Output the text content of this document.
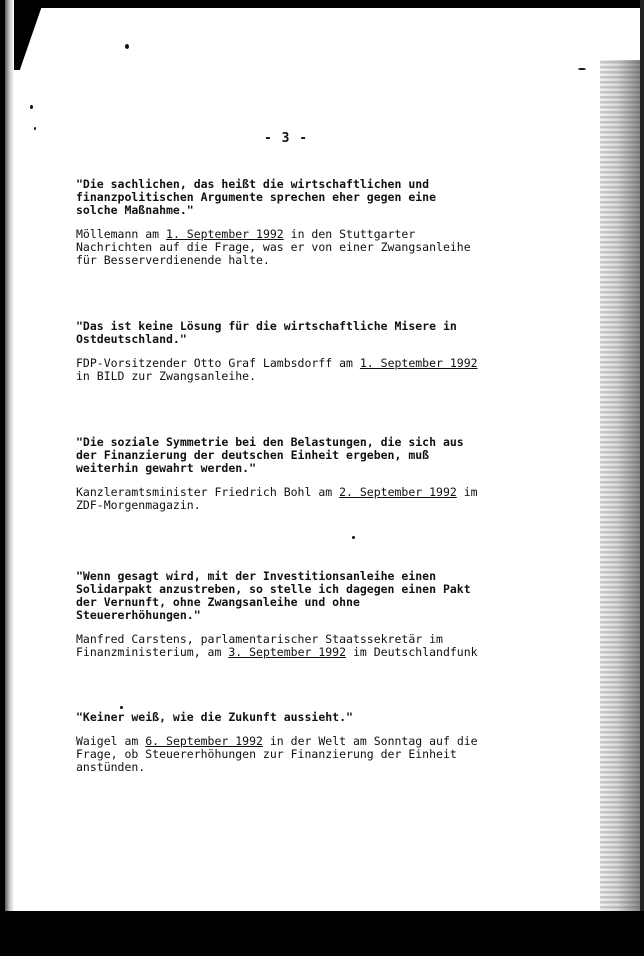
- 3 -

"Die sachlichen, das heißt die wirtschaftlichen und
finanzpolitischen Argumente sprechen eher gegen eine
solche Maßnahme."

Möllemann am 1. September 1992 in den Stuttgarter
Nachrichten auf die Frage, was er von einer Zwangsanleihe
für Besserverdienende halte.

"Das ist keine Lösung für die wirtschaftliche Misere in
Ostdeutschland."

FDP-Vorsitzender Otto Graf Lambsdorff am 1. September 1992
in BILD zur Zwangsanleihe.

"Die soziale Symmetrie bei den Belastungen, die sich aus
der Finanzierung der deutschen Einheit ergeben, muß
weiterhin gewahrt werden."

Kanzleramtsminister Friedrich Bohl am 2. September 1992 im
ZDF-Morgenmagazin.

"Wenn gesagt wird, mit der Investitionsanleihe einen
Solidarpakt anzustreben, so stelle ich dagegen einen Pakt
der Vernunft, ohne Zwangsanleihe und ohne
Steuererhöhungen."

Manfred Carstens, parlamentarischer Staatssekretär im
Finanzministerium, am 3. September 1992 im Deutschlandfunk

"Keiner weiß, wie die Zukunft aussieht."

Waigel am 6. September 1992 in der Welt am Sonntag auf die
Frage, ob Steuererhöhungen zur Finanzierung der Einheit
anstünden.
